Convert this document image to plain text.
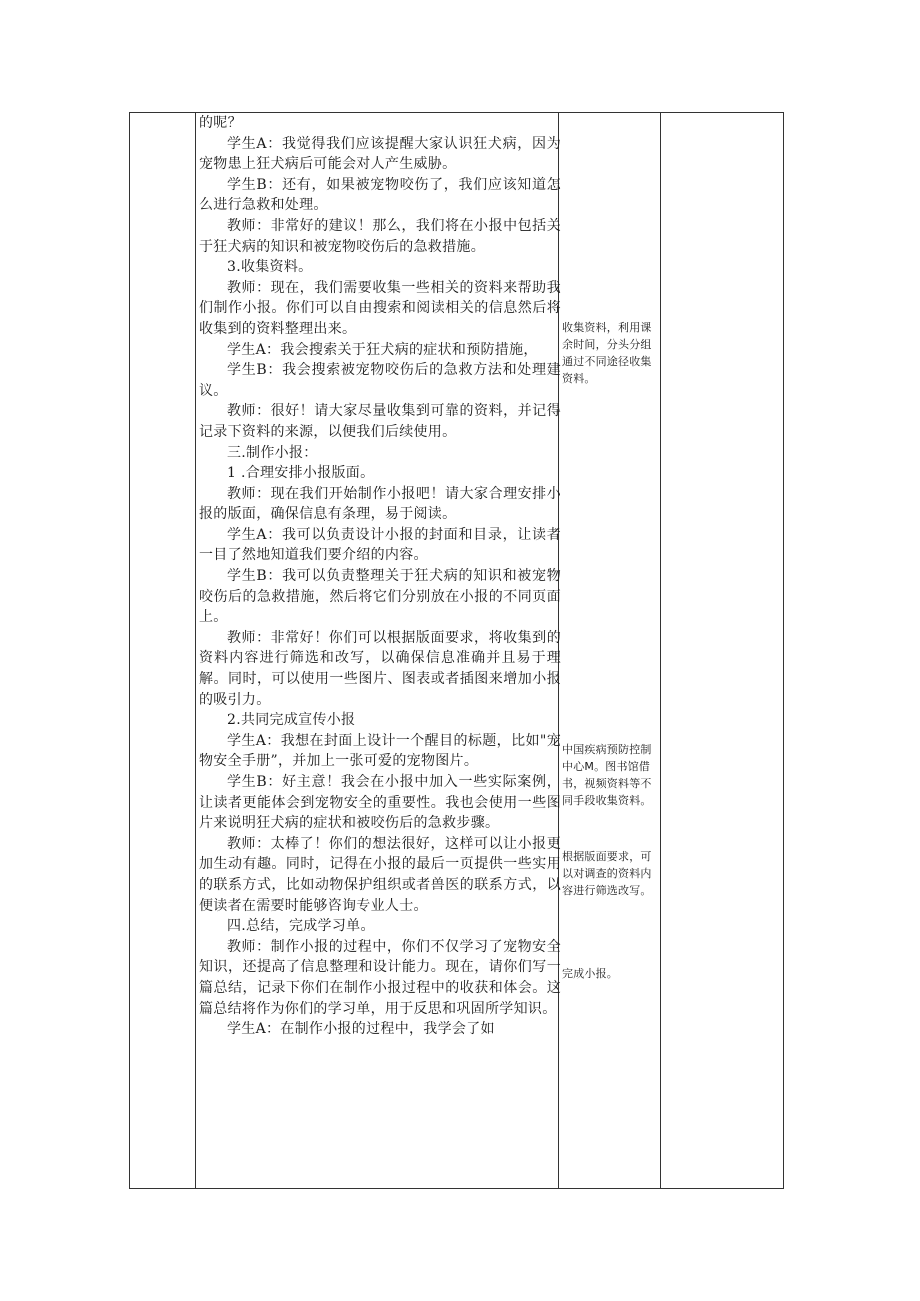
的呢？

学生A：我觉得我们应该提醒大家认识狂犬病，因为宠物患上狂犬病后可能会对人产生威胁。

学生B：还有，如果被宠物咬伤了，我们应该知道怎么进行急救和处理。

教师：非常好的建议！那么，我们将在小报中包括关于狂犬病的知识和被宠物咬伤后的急救措施。

3.收集资料。

教师：现在，我们需要收集一些相关的资料来帮助我们制作小报。你们可以自由搜索和阅读相关的信息然后将收集到的资料整理出来。

学生A：我会搜索关于狂犬病的症状和预防措施，

学生B：我会搜索被宠物咬伤后的急救方法和处理建议。

教师：很好！请大家尽量收集到可靠的资料，并记得记录下资料的来源，以便我们后续使用。

三.制作小报：

1 .合理安排小报版面。

教师：现在我们开始制作小报吧！请大家合理安排小报的版面，确保信息有条理，易于阅读。

学生A：我可以负责设计小报的封面和目录，让读者一目了然地知道我们要介绍的内容。

学生B：我可以负责整理关于狂犬病的知识和被宠物咬伤后的急救措施，然后将它们分别放在小报的不同页面上。

教师：非常好！你们可以根据版面要求，将收集到的资料内容进行筛选和改写，以确保信息准确并且易于理解。同时，可以使用一些图片、图表或者插图来增加小报的吸引力。

2.共同完成宣传小报

学生A：我想在封面上设计一个醒目的标题，比如"宠物安全手册”，并加上一张可爱的宠物图片。

学生B：好主意！我会在小报中加入一些实际案例，让读者更能体会到宠物安全的重要性。我也会使用一些图片来说明狂犬病的症状和被咬伤后的急救步骤。

教师：太棒了！你们的想法很好，这样可以让小报更加生动有趣。同时，记得在小报的最后一页提供一些实用的联系方式，比如动物保护组织或者兽医的联系方式，以便读者在需要时能够咨询专业人士。

四.总结，完成学习单。

教师：制作小报的过程中，你们不仅学习了宠物安全知识，还提高了信息整理和设计能力。现在，请你们写一篇总结，记录下你们在制作小报过程中的收获和体会。这篇总结将作为你们的学习单，用于反思和巩固所学知识。

学生A：在制作小报的过程中，我学会了如

收集资料，利用课余时间，分头分组通过不同途径收集资料。

中国疾病预防控制中心M。图书馆借书，视频资料等不同手段收集资料。

根据版面要求，可以对调查的资料内容进行筛选改写。

完成小报。
